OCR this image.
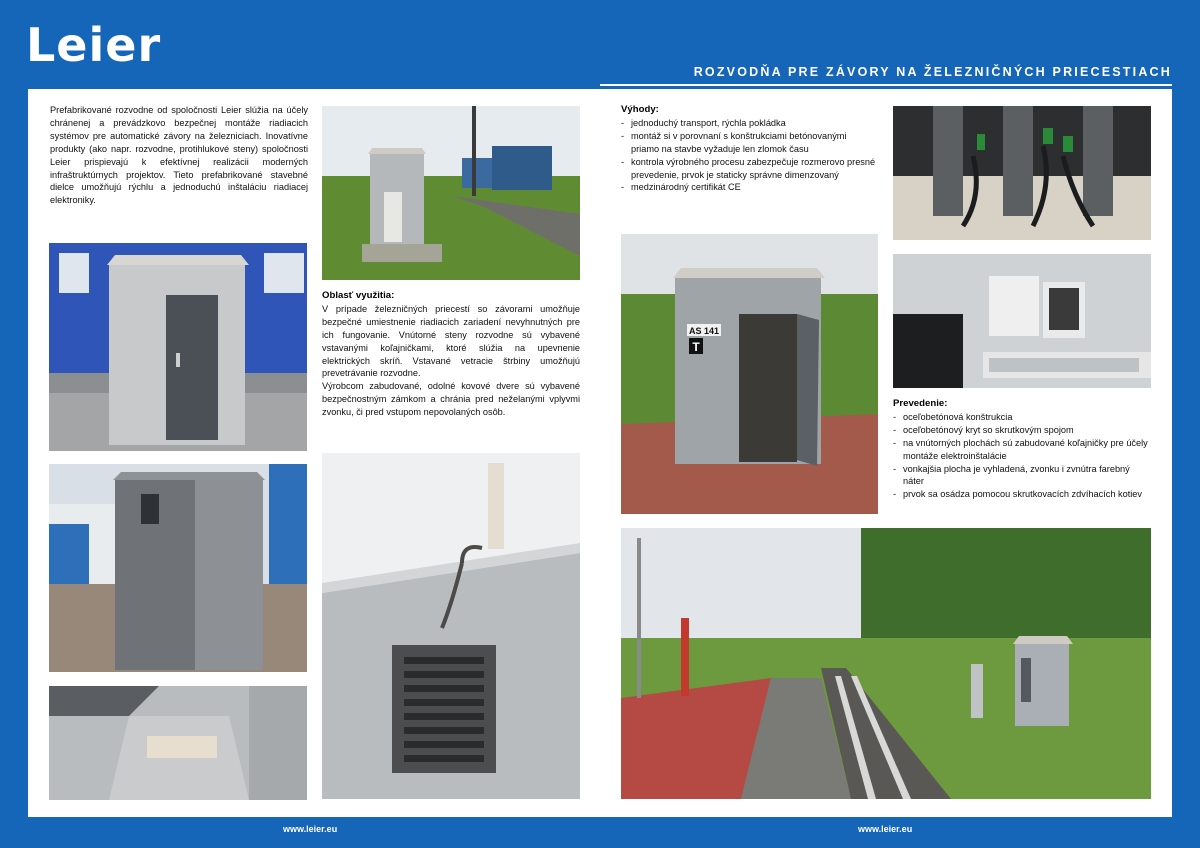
Leier	ROZVODŇA PRE ZÁVORY NA ŽELEZNIČNÝCH PRIECESTIACH
Prefabrikované rozvodne od spoločnosti Leier slúžia na účely chránenej a prevádzkovo bezpečnej montáže riadiacich systémov pre automatické závory na železniciach. Inovatívne produkty (ako napr. rozvodne, protihlukové steny) spoločnosti Leier prispievajú k efektívnej realizácii moderných infraštruktúrnych projektov. Tieto prefabrikované stavebné dielce umožňujú rýchlu a jednoduchú inštaláciu riadiacej elektroniky.
Oblasť využitia:
V prípade železničných priecestí so závorami umožňuje bezpečné umiestnenie riadiacich zariadení nevyhnutných pre ich fungovanie. Vnútorné steny rozvodne sú vybavené vstavanými koľajničkami, ktoré slúžia na upevnenie elektrických skríň. Vstavané vetracie štrbiny umožňujú prevetrávanie rozvodne.
Výrobcom zabudované, odolné kovové dvere sú vybavené bezpečnostným zámkom a chránia pred neželanými vplyvmi zvonku, či pred vstupom nepovolaných osôb.
Výhody:
- jednoduchý transport, rýchla pokládka
- montáž si v porovnaní s konštrukciami betónovanými priamo na stavbe vyžaduje len zlomok času
- kontrola výrobného procesu zabezpečuje rozmerovo presné prevedenie, prvok je staticky správne dimenzovaný
- medzinárodný certifikát CE
Prevedenie:
- oceľobetónová konštrukcia
- oceľobetónový kryt so skrutkovým spojom
- na vnútorných plochách sú zabudované koľajničky pre účely montáže elektroinštalácie
- vonkajšia plocha je vyhladená, zvonku i zvnútra farebný náter
- prvok sa osádza pomocou skrutkovacích zdvíhacích kotiev
AS 141
T
www.leier.eu	www.leier.eu
